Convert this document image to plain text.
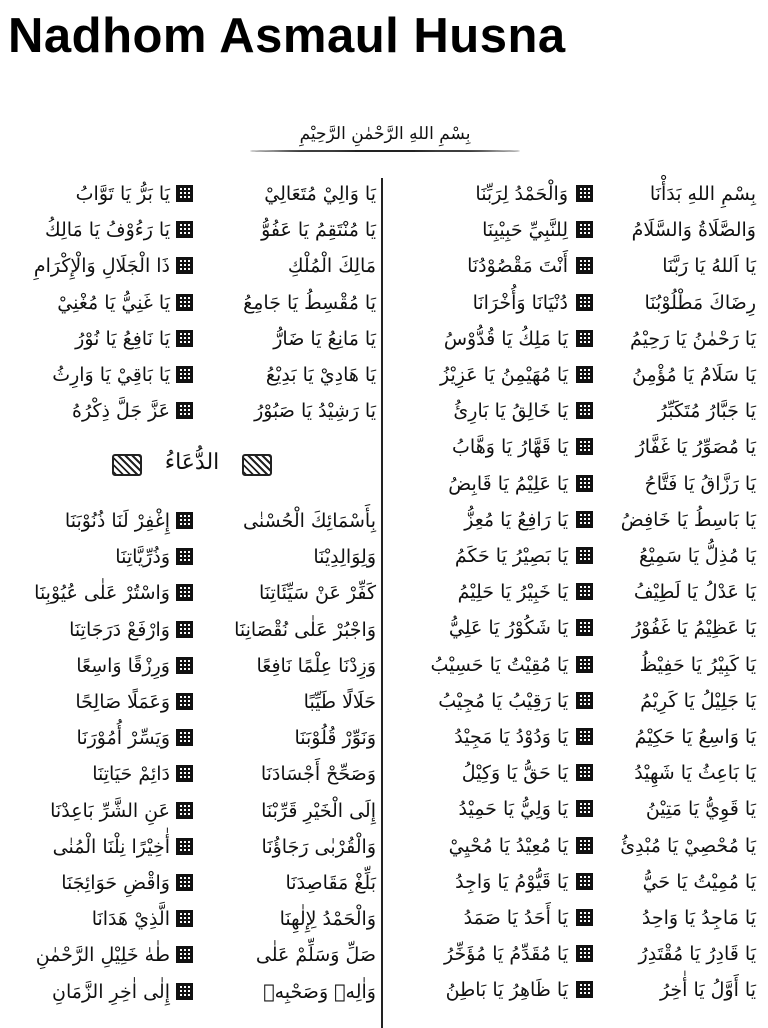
Nadhom Asmaul Husna
بِسْمِ اللهِ الرَّحْمٰنِ الرَّحِيْمِ
بِسْمِ اللهِ بَدَأْنَا
وَالْحَمْدُ لِرَبِّنَا
وَالصَّلَاةُ وَالسَّلَامُ
لِلنَّبِيِّ حَبِيْبِنَا
يَا اَللهُ يَا رَبَّنَا
أَنْتَ مَقْصُوْدُنَا
رِضَاكَ مَطْلُوْبُنَا
دُنْيَانَا وَأُخْرَانَا
يَا رَحْمٰنُ يَا رَحِيْمُ
يَا مَلِكُ يَا قُدُّوْسُ
يَا سَلَامُ يَا مُؤْمِنُ
يَا مُهَيْمِنُ يَا عَزِيْزُ
يَا جَبَّارُ مُتَكَبِّرُ
يَا خَالِقُ يَا بَارِئُ
يَا مُصَوِّرُ يَا غَفَّارُ
يَا قَهَّارُ يَا وَهَّابُ
يَا رَزَّاقُ يَا فَتَّاحُ
يَا عَلِيْمُ يَا قَابِضُ
يَا بَاسِطُ يَا خَافِضُ
يَا رَافِعُ يَا مُعِزُّ
يَا مُذِلُّ يَا سَمِيْعُ
يَا بَصِيْرُ يَا حَكَمُ
يَا عَدْلُ يَا لَطِيْفُ
يَا خَبِيْرُ يَا حَلِيْمُ
يَا عَظِيْمُ يَا غَفُوْرُ
يَا شَكُوْرُ يَا عَلِيُّ
يَا كَبِيْرُ يَا حَفِيْظُ
يَا مُقِيْتُ يَا حَسِيْبُ
يَا جَلِيْلُ يَا كَرِيْمُ
يَا رَقِيْبُ يَا مُجِيْبُ
يَا وَاسِعُ يَا حَكِيْمُ
يَا وَدُوْدُ يَا مَجِيْدُ
يَا بَاعِثُ يَا شَهِيْدُ
يَا حَقُّ يَا وَكِيْلُ
يَا قَوِيُّ يَا مَتِيْنُ
يَا وَلِيُّ يَا حَمِيْدُ
يَا مُحْصِيْ يَا مُبْدِئُ
يَا مُعِيْدُ يَا مُحْيِيْ
يَا مُمِيْتُ يَا حَيُّ
يَا قَيُّوْمُ يَا وَاجِدُ
يَا مَاجِدُ يَا وَاحِدُ
يَا أَحَدُ يَا صَمَدُ
يَا قَادِرُ يَا مُقْتَدِرُ
يَا مُقَدِّمُ يَا مُؤَخِّرُ
يَا أَوَّلُ يَا أٰخِرُ
يَا ظَاهِرُ يَا بَاطِنُ
يَا وَالِيْ مُتَعَالِيْ
يَا بَرُّ يَا تَوَّابُ
يَا مُنْتَقِمُ يَا عَفُوُّ
يَا رَءُوْفُ يَا مَالِكُ
مَالِكَ الْمُلْكِ
ذَا الْجَلَالِ وَالْإِكْرَامِ
يَا مُقْسِطُ يَا جَامِعُ
يَا غَنِيُّ يَا مُغْنِيْ
يَا مَانِعُ يَا ضَارُّ
يَا نَافِعُ يَا نُوْرُ
يَا هَادِيْ يَا بَدِيْعُ
يَا بَاقِيْ يَا وَارِثُ
يَا رَشِيْدُ يَا صَبُوْرُ
عَزَّ جَلَّ ذِكْرُهُ
الدُّعَاءُ
بِأَسْمَائِكَ الْحُسْنٰى
إِغْفِرْ لَنَا ذُنُوْبَنَا
وَلِوَالِدِيْنَا
وَذُرِّيَّاتِنَا
كَفِّرْ عَنْ سَيِّئَاتِنَا
وَاسْتُرْ عَلٰى عُيُوْبِنَا
وَاجْبُرْ عَلٰى نُقْصَانِنَا
وَارْفَعْ دَرَجَاتِنَا
وَزِدْنَا عِلْمًا نَافِعًا
وَرِزْقًا وَاسِعًا
حَلَالًا طَيِّبًا
وَعَمَلًا صَالِحًا
وَنَوِّرْ قُلُوْبَنَا
وَيَسِّرْ أُمُوْرَنَا
وَصَحِّحْ أَجْسَادَنَا
دَائِمْ حَيَاتِنَا
إِلَى الْخَيْرِ قَرِّبْنَا
عَنِ الشَّرِّ بَاعِدْنَا
وَالْقُرْبٰى رَجَاؤُنَا
أٰخِيْرًا نِلْنَا الْمُنٰى
بَلِّغْ مَقَاصِدَنَا
وَاقْضِ حَوَائِجَنَا
وَالْحَمْدُ لِإِلٰهِنَا
الَّذِيْ هَدَانَا
صَلِّ وَسَلِّمْ عَلٰى
طٰهٰ خَلِيْلِ الرَّحْمٰنِ
وَاٰلِهٖ وَصَحْبِهٖ
إِلٰى اٰخِرِ الزَّمَانِ
